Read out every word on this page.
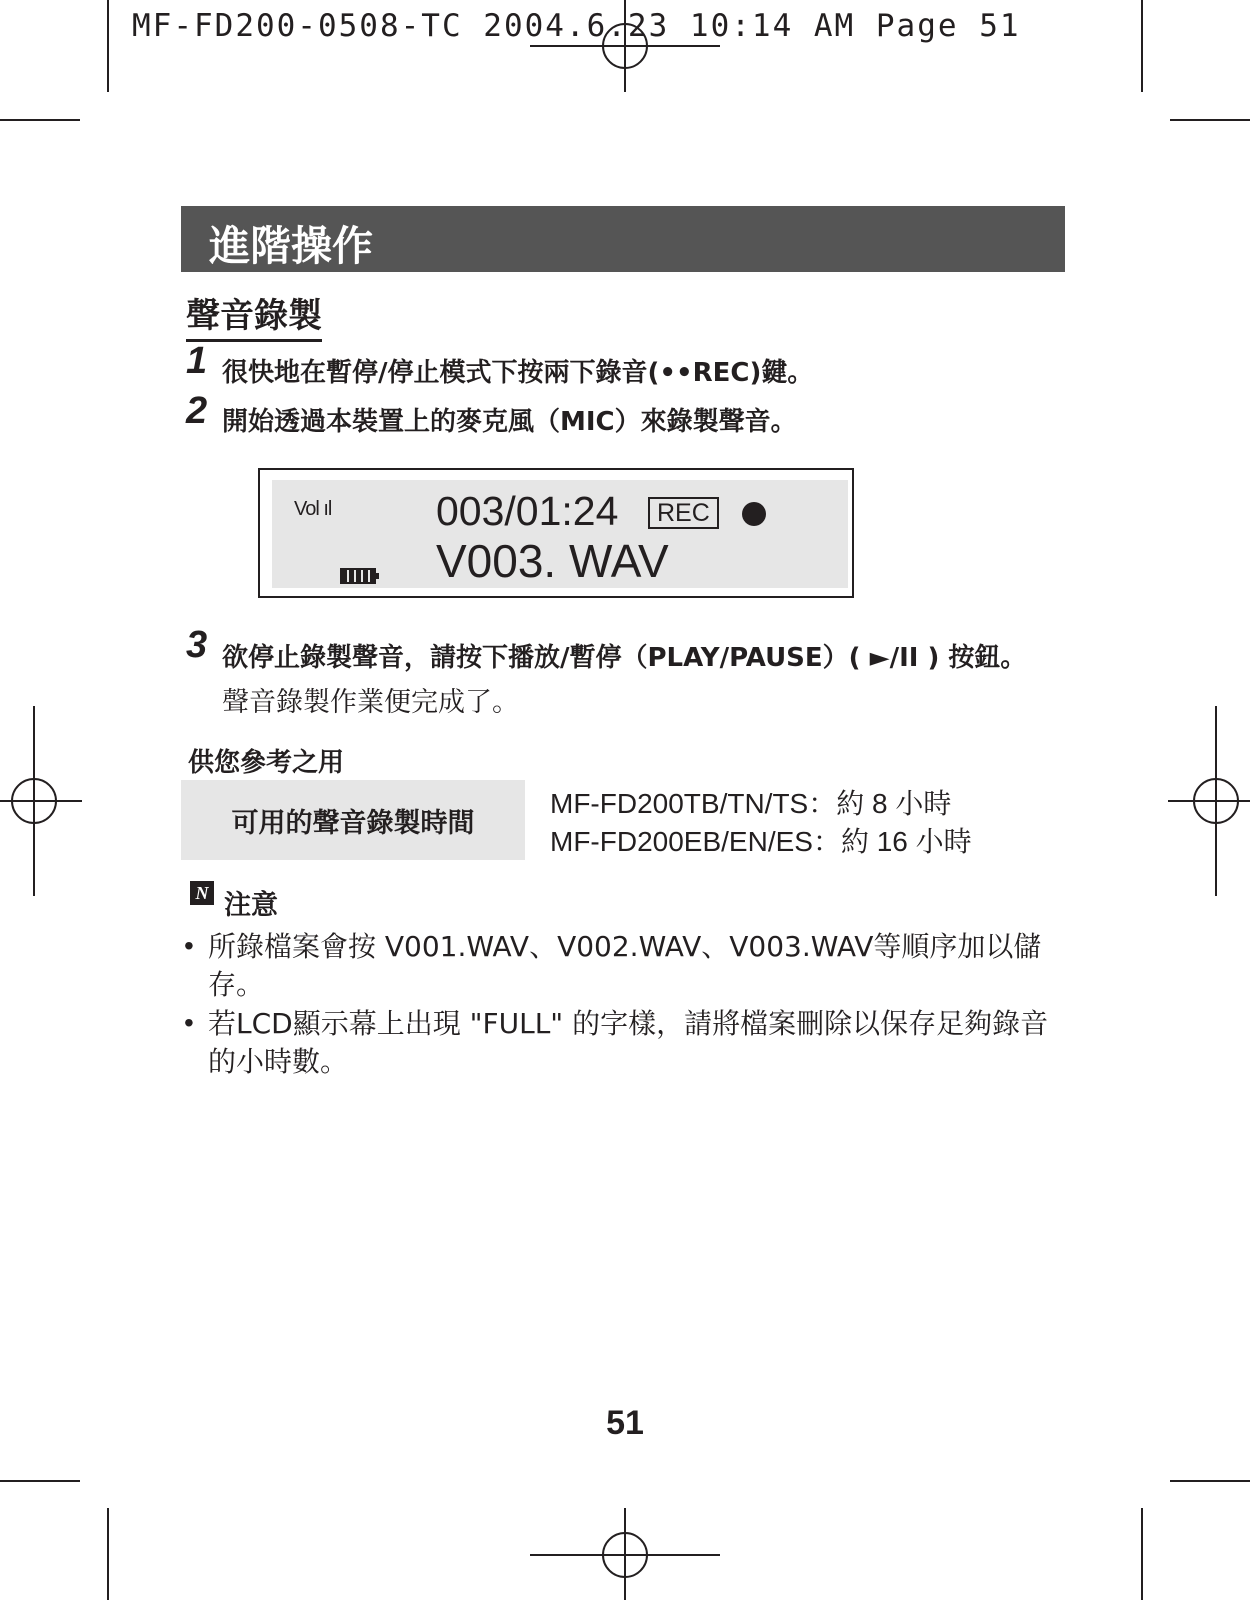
MF-FD200-0508-TC 2004.6.23 10:14 AM Page 51
進階操作
聲音錄製
1 很快地在暫停/停止模式下按兩下錄音(••REC)鍵。
2 開始透過本裝置上的麥克風（MIC）來錄製聲音。
Vol ıl	003/01:24	REC
V003. WAV
3 欲停止錄製聲音，請按下播放/暫停（PLAY/PAUSE）( ►/II ) 按鈕。
聲音錄製作業便完成了。
供您參考之用
可用的聲音錄製時間
MF-FD200TB/TN/TS：約 8 小時
MF-FD200EB/EN/ES：約 16 小時
N 注意
• 所錄檔案會按 V001.WAV、V002.WAV、V003.WAV等順序加以儲存。
• 若LCD顯示幕上出現 "FULL" 的字樣，請將檔案刪除以保存足夠錄音的小時數。
51
